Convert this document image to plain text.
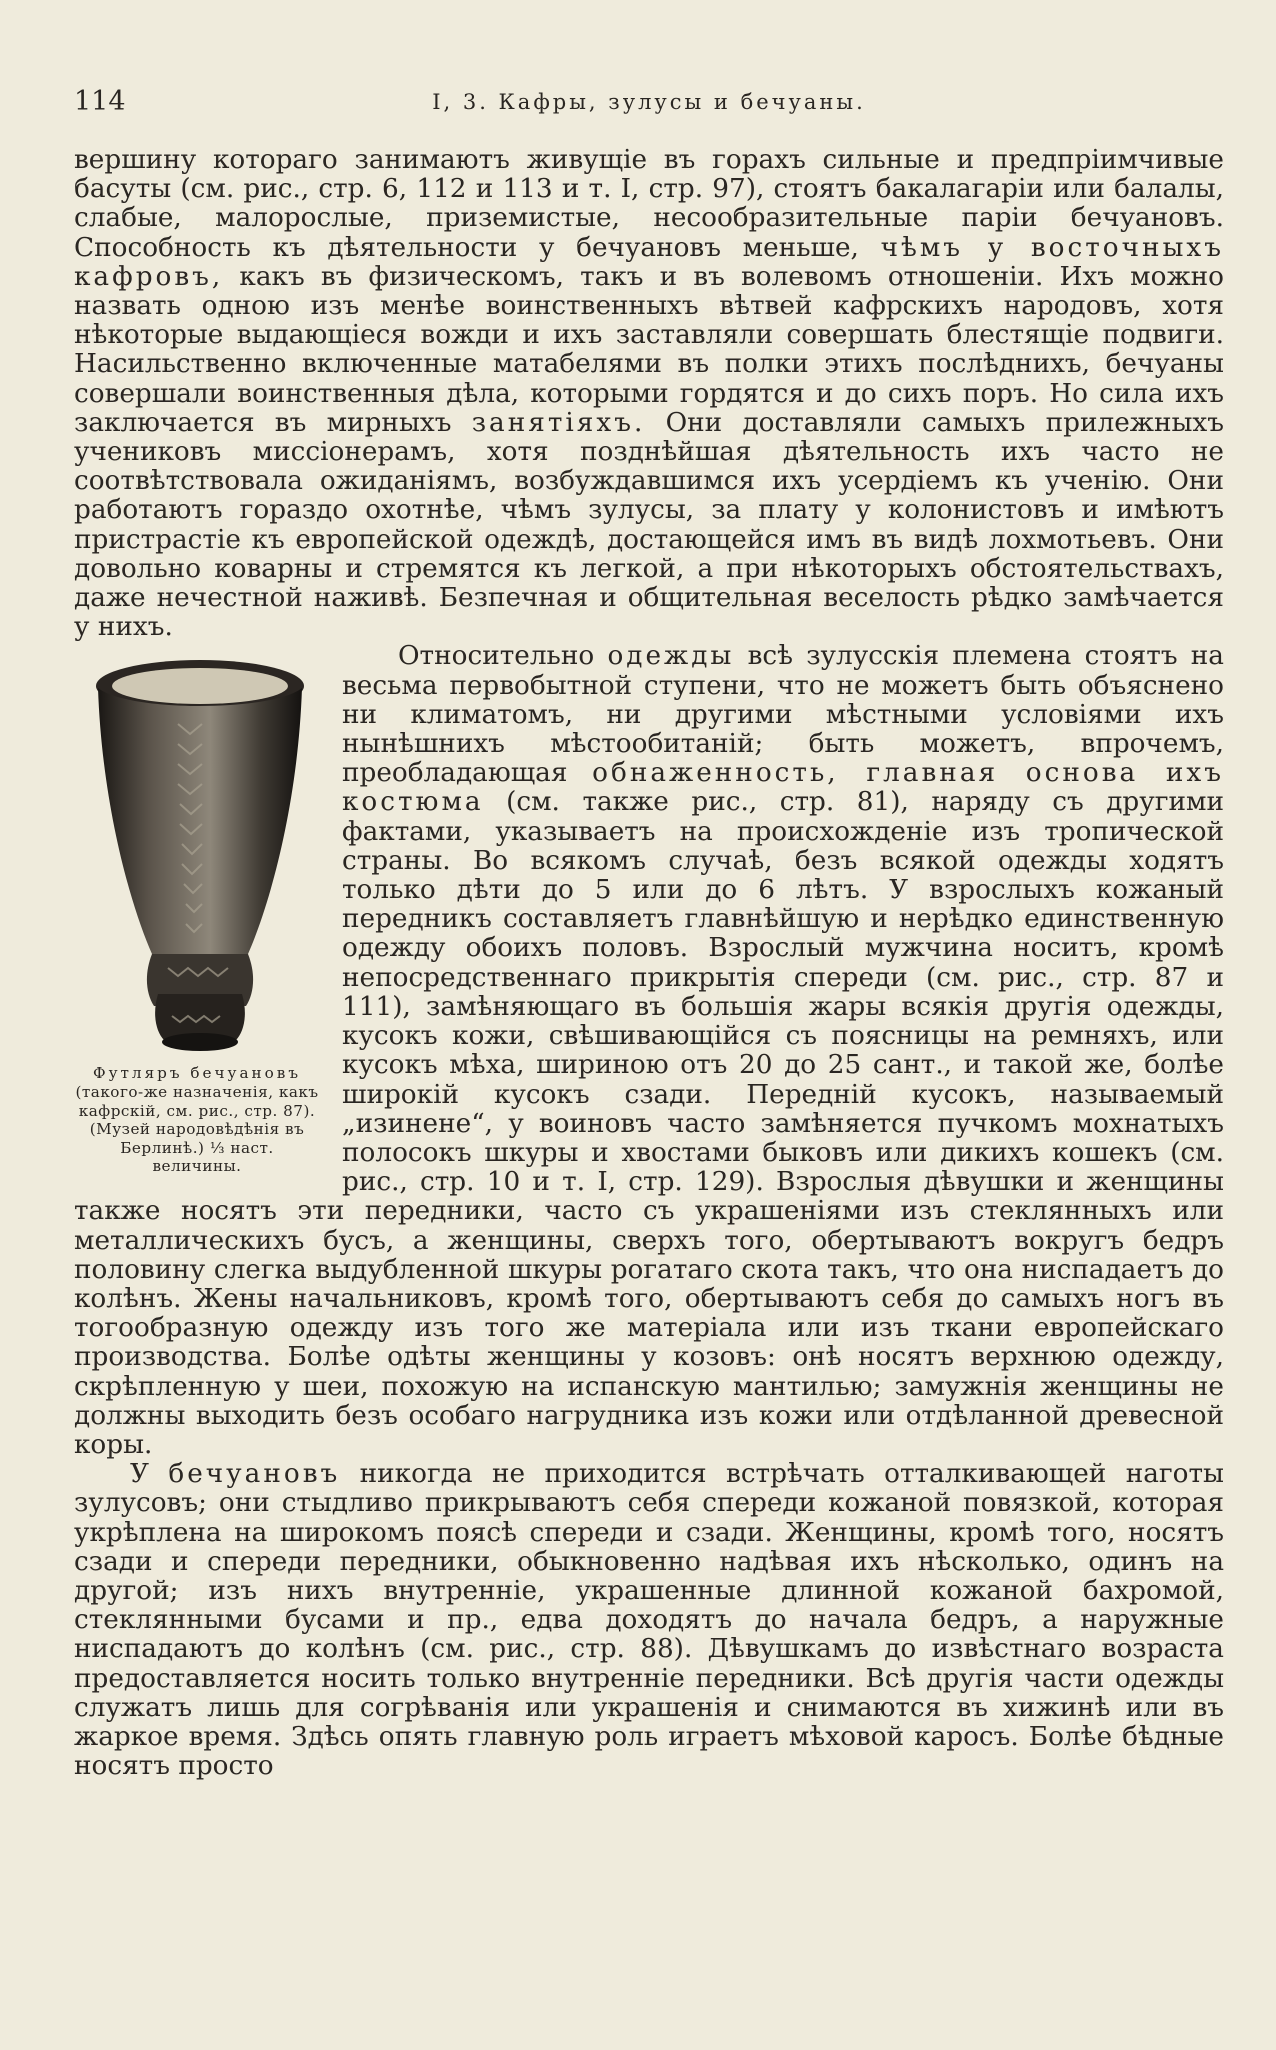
114	I, 3. Кафры, зулусы и бечуаны.

вершину котораго занимаютъ живущіе въ горахъ сильные и предпріимчивые басуты (см. рис., стр. 6, 112 и 113 и т. I, стр. 97), стоятъ бакалагаріи или балалы, слабые, малорослые, приземистые, несообразительные паріи бечуановъ. Способность къ дѣятельности у бечуановъ меньше, чѣмъ у восточныхъ кафровъ, какъ въ физическомъ, такъ и въ волевомъ отношеніи. Ихъ можно назвать одною изъ менѣе воинственныхъ вѣтвей кафрскихъ народовъ, хотя нѣкоторые выдающіеся вожди и ихъ заставляли совершать блестящіе подвиги. Насильственно включенные матабелями въ полки этихъ послѣднихъ, бечуаны совершали воинственныя дѣла, которыми гордятся и до сихъ поръ. Но сила ихъ заключается въ мирныхъ занятіяхъ. Они доставляли самыхъ прилежныхъ учениковъ миссіонерамъ, хотя позднѣйшая дѣятельность ихъ часто не соотвѣтствовала ожиданіямъ, возбуждавшимся ихъ усердіемъ къ ученію. Они работаютъ гораздо охотнѣе, чѣмъ зулусы, за плату у колонистовъ и имѣютъ пристрастіе къ европейской одеждѣ, достающейся имъ въ видѣ лохмотьевъ. Они довольно коварны и стремятся къ легкой, а при нѣкоторыхъ обстоятельствахъ, даже нечестной наживѣ. Безпечная и общительная веселость рѣдко замѣчается у нихъ.

Футляръ бечуановъ (такого-же назначенія, какъ кафрскій, см. рис., стр. 87). (Музей народовѣдѣнія въ Берлинѣ.) ⅓ наст. величины.

Относительно одежды всѣ зулусскія племена стоятъ на весьма первобытной ступени, что не можетъ быть объяснено ни климатомъ, ни другими мѣстными условіями ихъ нынѣшнихъ мѣстообитаній; быть можетъ, впрочемъ, преобладающая обнаженность, главная основа ихъ костюма (см. также рис., стр. 81), наряду съ другими фактами, указываетъ на происхожденіе изъ тропической страны. Во всякомъ случаѣ, безъ всякой одежды ходятъ только дѣти до 5 или до 6 лѣтъ. У взрослыхъ кожаный передникъ составляетъ главнѣйшую и нерѣдко единственную одежду обоихъ половъ. Взрослый мужчина носитъ, кромѣ непосредственнаго прикрытія спереди (см. рис., стр. 87 и 111), замѣняющаго въ большія жары всякія другія одежды, кусокъ кожи, свѣшивающійся съ поясницы на ремняхъ, или кусокъ мѣха, шириною отъ 20 до 25 сант., и такой же, болѣе широкій кусокъ сзади. Передній кусокъ, называемый „изинене“, у воиновъ часто замѣняется пучкомъ мохнатыхъ полосокъ шкуры и хвостами быковъ или дикихъ кошекъ (см. рис., стр. 10 и т. I, стр. 129). Взрослыя дѣвушки и женщины также носятъ эти передники, часто съ украшеніями изъ стеклянныхъ или металлическихъ бусъ, а женщины, сверхъ того, обертываютъ вокругъ бедръ половину слегка выдубленной шкуры рогатаго скота такъ, что она ниспадаетъ до колѣнъ. Жены начальниковъ, кромѣ того, обертываютъ себя до самыхъ ногъ въ тогообразную одежду изъ того же матеріала или изъ ткани европейскаго производства. Болѣе одѣты женщины у козовъ: онѣ носятъ верхнюю одежду, скрѣпленную у шеи, похожую на испанскую мантилью; замужнія женщины не должны выходить безъ особаго нагрудника изъ кожи или отдѣланной древесной коры.

У бечуановъ никогда не приходится встрѣчать отталкивающей наготы зулусовъ; они стыдливо прикрываютъ себя спереди кожаной повязкой, которая укрѣплена на широкомъ поясѣ спереди и сзади. Женщины, кромѣ того, носятъ сзади и спереди передники, обыкновенно надѣвая ихъ нѣсколько, одинъ на другой; изъ нихъ внутренніе, украшенные длинной кожаной бахромой, стеклянными бусами и пр., едва доходятъ до начала бедръ, а наружные ниспадаютъ до колѣнъ (см. рис., стр. 88). Дѣвушкамъ до извѣстнаго возраста предоставляется носить только внутренніе передники. Всѣ другія части одежды служатъ лишь для согрѣванія или украшенія и снимаются въ хижинѣ или въ жаркое время. Здѣсь опять главную роль играетъ мѣховой каросъ. Болѣе бѣдные носятъ просто
